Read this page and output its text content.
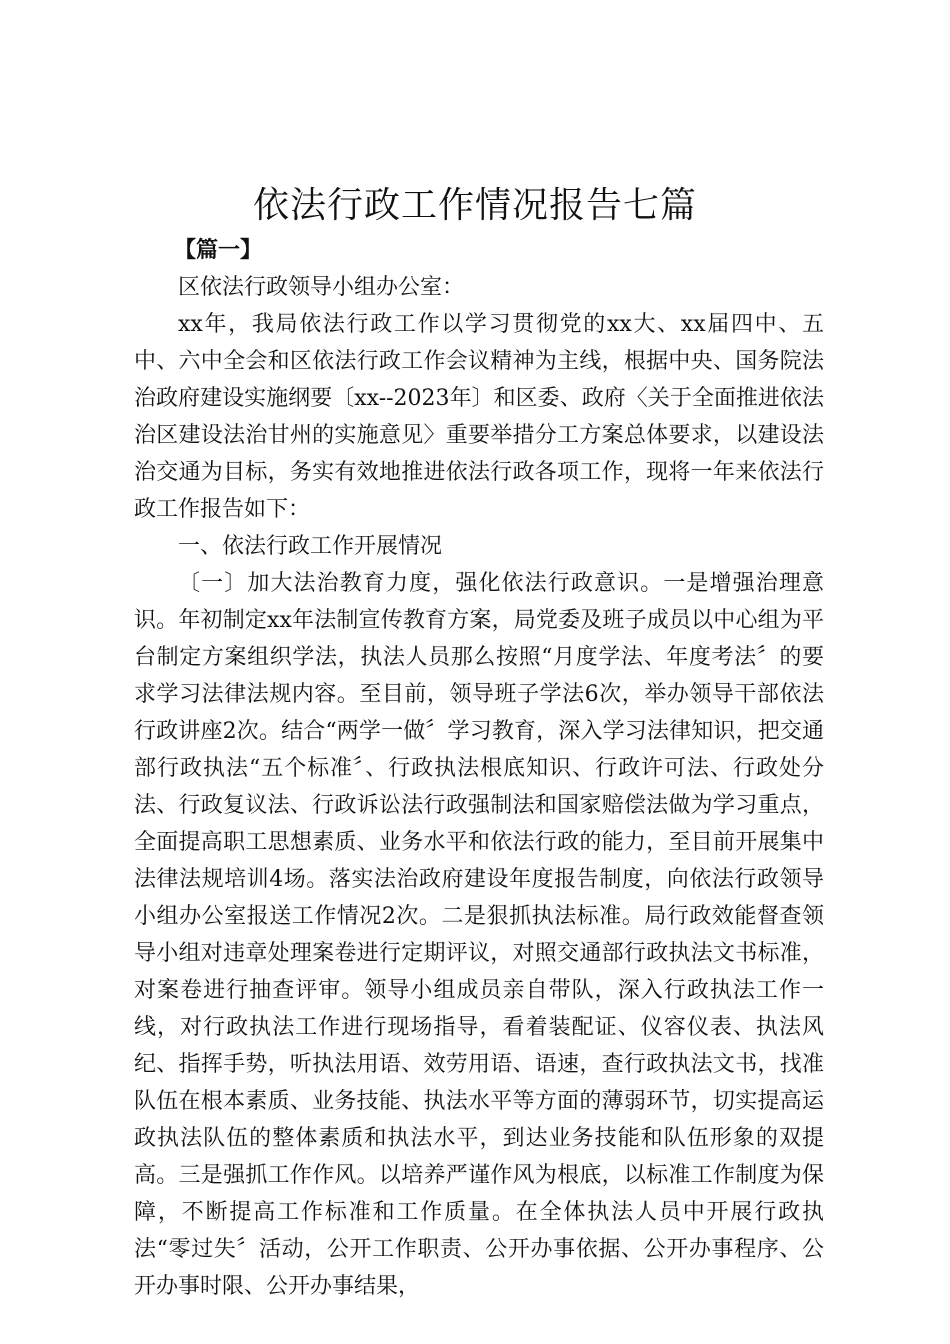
依法行政工作情况报告七篇

【篇一】

区依法行政领导小组办公室：

xx年，我局依法行政工作以学习贯彻党的xx大、xx届四中、五中、六中全会和区依法行政工作会议精神为主线，根据中央、国务院法治政府建设实施纲要〔xx--2023年〕和区委、政府〈关于全面推进依法治区建设法治甘州的实施意见〉重要举措分工方案总体要求，以建设法治交通为目标，务实有效地推进依法行政各项工作，现将一年来依法行政工作报告如下：

一、依法行政工作开展情况

〔一〕加大法治教育力度，强化依法行政意识。一是增强治理意识。年初制定xx年法制宣传教育方案，局党委及班子成员以中心组为平台制定方案组织学法，执法人员那么按照“月度学法、年度考法〞的要求学习法律法规内容。至目前，领导班子学法6次，举办领导干部依法行政讲座2次。结合“两学一做〞学习教育，深入学习法律知识，把交通部行政执法“五个标准〞、行政执法根底知识、行政许可法、行政处分法、行政复议法、行政诉讼法行政强制法和国家赔偿法做为学习重点，全面提高职工思想素质、业务水平和依法行政的能力，至目前开展集中法律法规培训4场。落实法治政府建设年度报告制度，向依法行政领导小组办公室报送工作情况2次。二是狠抓执法标准。局行政效能督查领导小组对违章处理案卷进行定期评议，对照交通部行政执法文书标准，对案卷进行抽查评审。领导小组成员亲自带队，深入行政执法工作一线，对行政执法工作进行现场指导，看着装配证、仪容仪表、执法风纪、指挥手势，听执法用语、效劳用语、语速，查行政执法文书，找准队伍在根本素质、业务技能、执法水平等方面的薄弱环节，切实提高运政执法队伍的整体素质和执法水平，到达业务技能和队伍形象的双提高。三是强抓工作作风。以培养严谨作风为根底，以标准工作制度为保障，不断提高工作标准和工作质量。在全体执法人员中开展行政执法“零过失〞活动，公开工作职责、公开办事依据、公开办事程序、公开办事时限、公开办事结果，
